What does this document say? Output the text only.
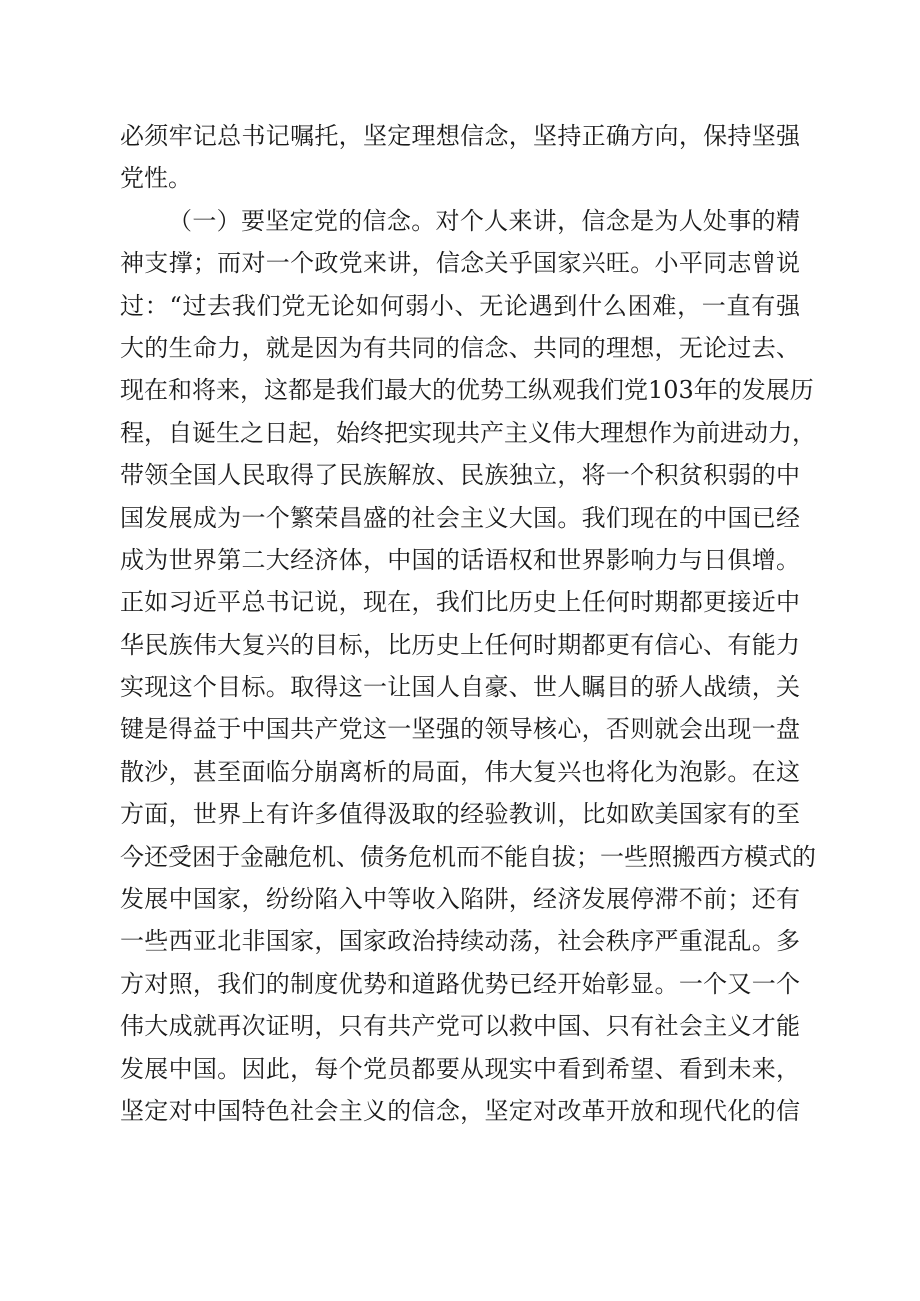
必须牢记总书记嘱托，坚定理想信念，坚持正确方向，保持坚强
党性。
（一）要坚定党的信念。对个人来讲，信念是为人处事的精
神支撑；而对一个政党来讲，信念关乎国家兴旺。小平同志曾说
过：“过去我们党无论如何弱小、无论遇到什么困难，一直有强
大的生命力，就是因为有共同的信念、共同的理想，无论过去、
现在和将来，这都是我们最大的优势工纵观我们党103年的发展历
程，自诞生之日起，始终把实现共产主义伟大理想作为前进动力，
带领全国人民取得了民族解放、民族独立，将一个积贫积弱的中
国发展成为一个繁荣昌盛的社会主义大国。我们现在的中国已经
成为世界第二大经济体，中国的话语权和世界影响力与日俱增。
正如习近平总书记说，现在，我们比历史上任何时期都更接近中
华民族伟大复兴的目标，比历史上任何时期都更有信心、有能力
实现这个目标。取得这一让国人自豪、世人瞩目的骄人战绩，关
键是得益于中国共产党这一坚强的领导核心，否则就会出现一盘
散沙，甚至面临分崩离析的局面，伟大复兴也将化为泡影。在这
方面，世界上有许多值得汲取的经验教训，比如欧美国家有的至
今还受困于金融危机、债务危机而不能自拔；一些照搬西方模式的
发展中国家，纷纷陷入中等收入陷阱，经济发展停滞不前；还有
一些西亚北非国家，国家政治持续动荡，社会秩序严重混乱。多
方对照，我们的制度优势和道路优势已经开始彰显。一个又一个
伟大成就再次证明，只有共产党可以救中国、只有社会主义才能
发展中国。因此，每个党员都要从现实中看到希望、看到未来，
坚定对中国特色社会主义的信念，坚定对改革开放和现代化的信
